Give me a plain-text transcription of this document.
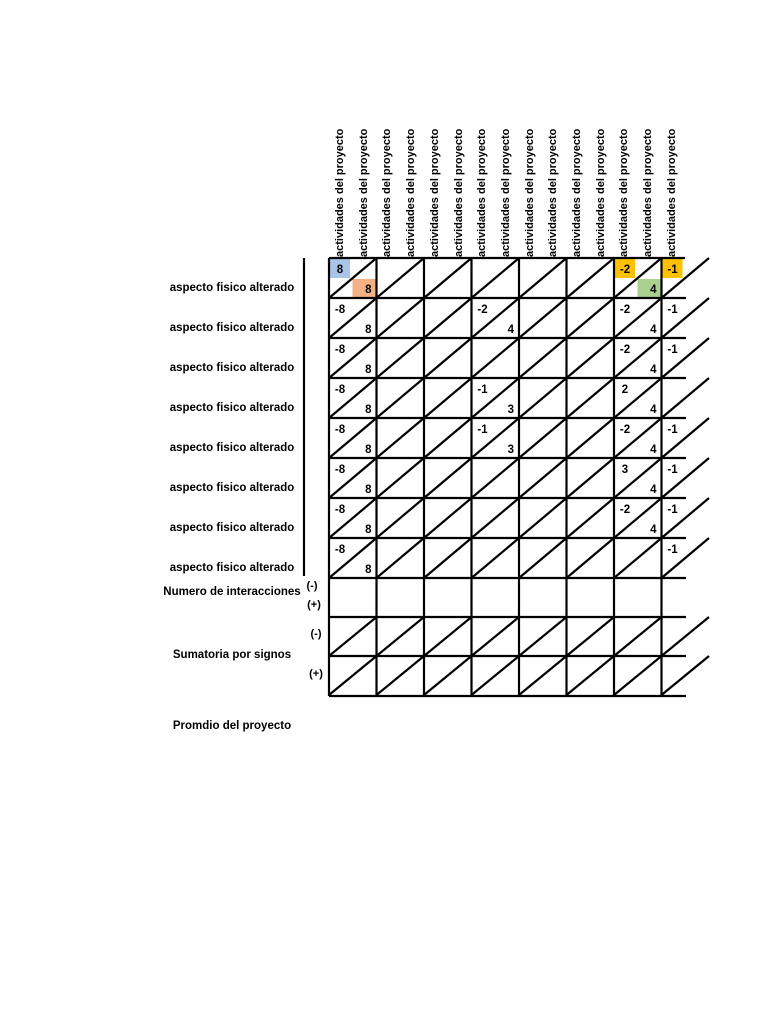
actividades del proyecto actividades del proyecto actividades del proyecto actividades del proyecto actividades del proyecto actividades del proyecto actividades del proyecto actividades del proyecto actividades del proyecto actividades del proyecto actividades del proyecto actividades del proyecto actividades del proyecto actividades del proyecto actividades del proyecto
aspecto fisico alterado
aspecto fisico alterado
aspecto fisico alterado
aspecto fisico alterado
aspecto fisico alterado
aspecto fisico alterado
aspecto fisico alterado
aspecto fisico alterado
Numero de interacciones
Sumatoria por signos
Promdio del proyecto
(-)
(+)
(-)
(+)
8
8
-2
4
-1
-8
8
-2
4
-2
4
-1
-8
8
-2
4
-1
-8
8
-1
3
2
4
-8
8
-1
3
-2
4
-1
-8
8
3
4
-1
-8
8
-2
4
-1
-8
8
-1
